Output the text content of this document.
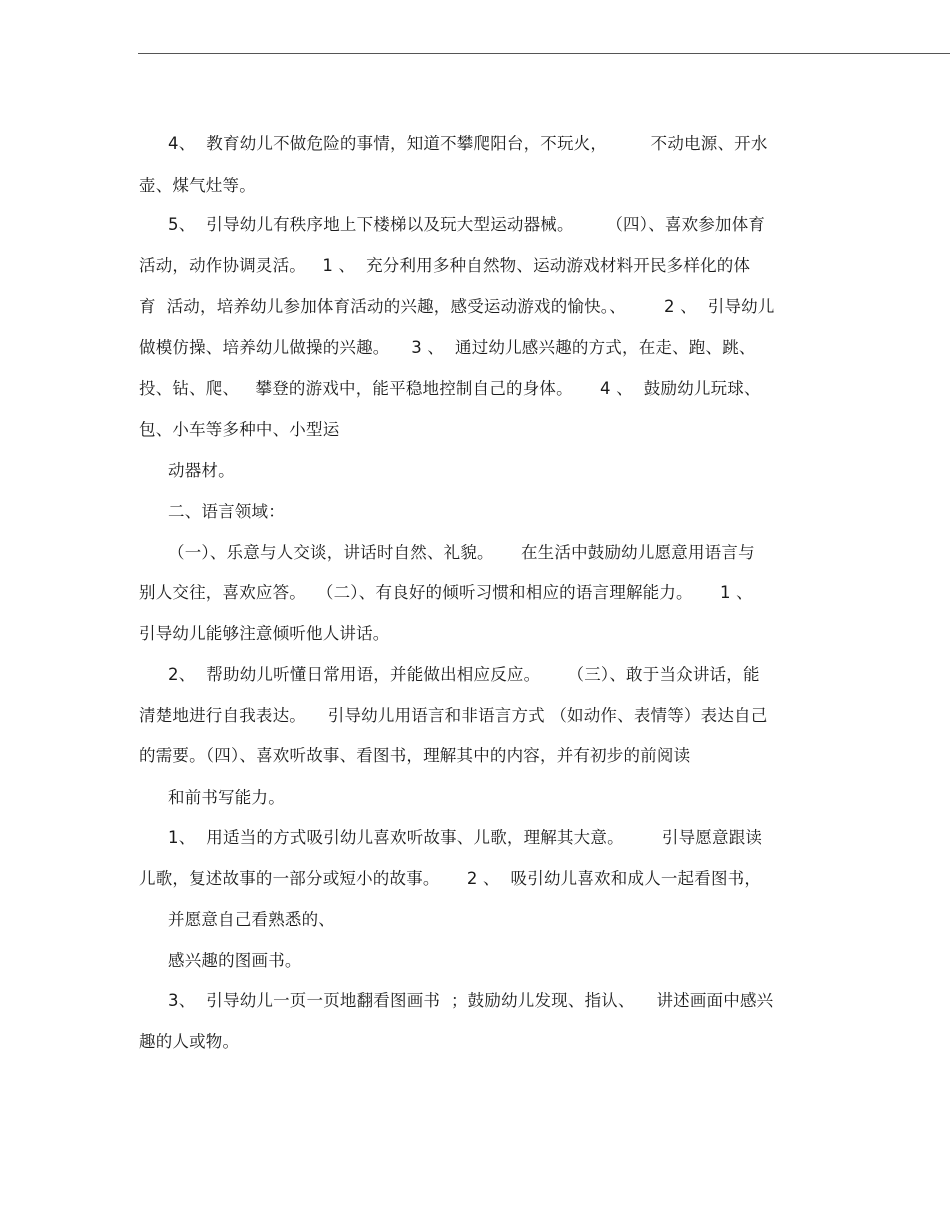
4、  教育幼儿不做危险的事情，知道不攀爬阳台，不玩火，        不动电源、开水
壶、煤气灶等。
5、  引导幼儿有秩序地上下楼梯以及玩大型运动器械。      （四）、喜欢参加体育
活动，动作协调灵活。   1 、  充分利用多种自然物、运动游戏材料开民多样化的体
育  活动，培养幼儿参加体育活动的兴趣，感受运动游戏的愉快。、       2 、  引导幼儿
做模仿操、培养幼儿做操的兴趣。    3 、  通过幼儿感兴趣的方式，在走、跑、跳、
投、钻、爬、   攀登的游戏中，能平稳地控制自己的身体。     4 、  鼓励幼儿玩球、
包、小车等多种中、小型运
动器材。
二、语言领域：
（一）、乐意与人交谈，讲话时自然、礼貌。     在生活中鼓励幼儿愿意用语言与
别人交往，喜欢应答。  （二）、有良好的倾听习惯和相应的语言理解能力。     1 、
引导幼儿能够注意倾听他人讲话。
2、  帮助幼儿听懂日常用语，并能做出相应反应。     （三）、敢于当众讲话，能
清楚地进行自我表达。    引导幼儿用语言和非语言方式 （如动作、表情等）表达自己
的需要。（四）、喜欢听故事、看图书，理解其中的内容，并有初步的前阅读
和前书写能力。
1、  用适当的方式吸引幼儿喜欢听故事、儿歌，理解其大意。       引导愿意跟读
儿歌，复述故事的一部分或短小的故事。     2 、  吸引幼儿喜欢和成人一起看图书，
并愿意自己看熟悉的、
感兴趣的图画书。
3、  引导幼儿一页一页地翻看图画书  ；鼓励幼儿发现、指认、    讲述画面中感兴
趣的人或物。
